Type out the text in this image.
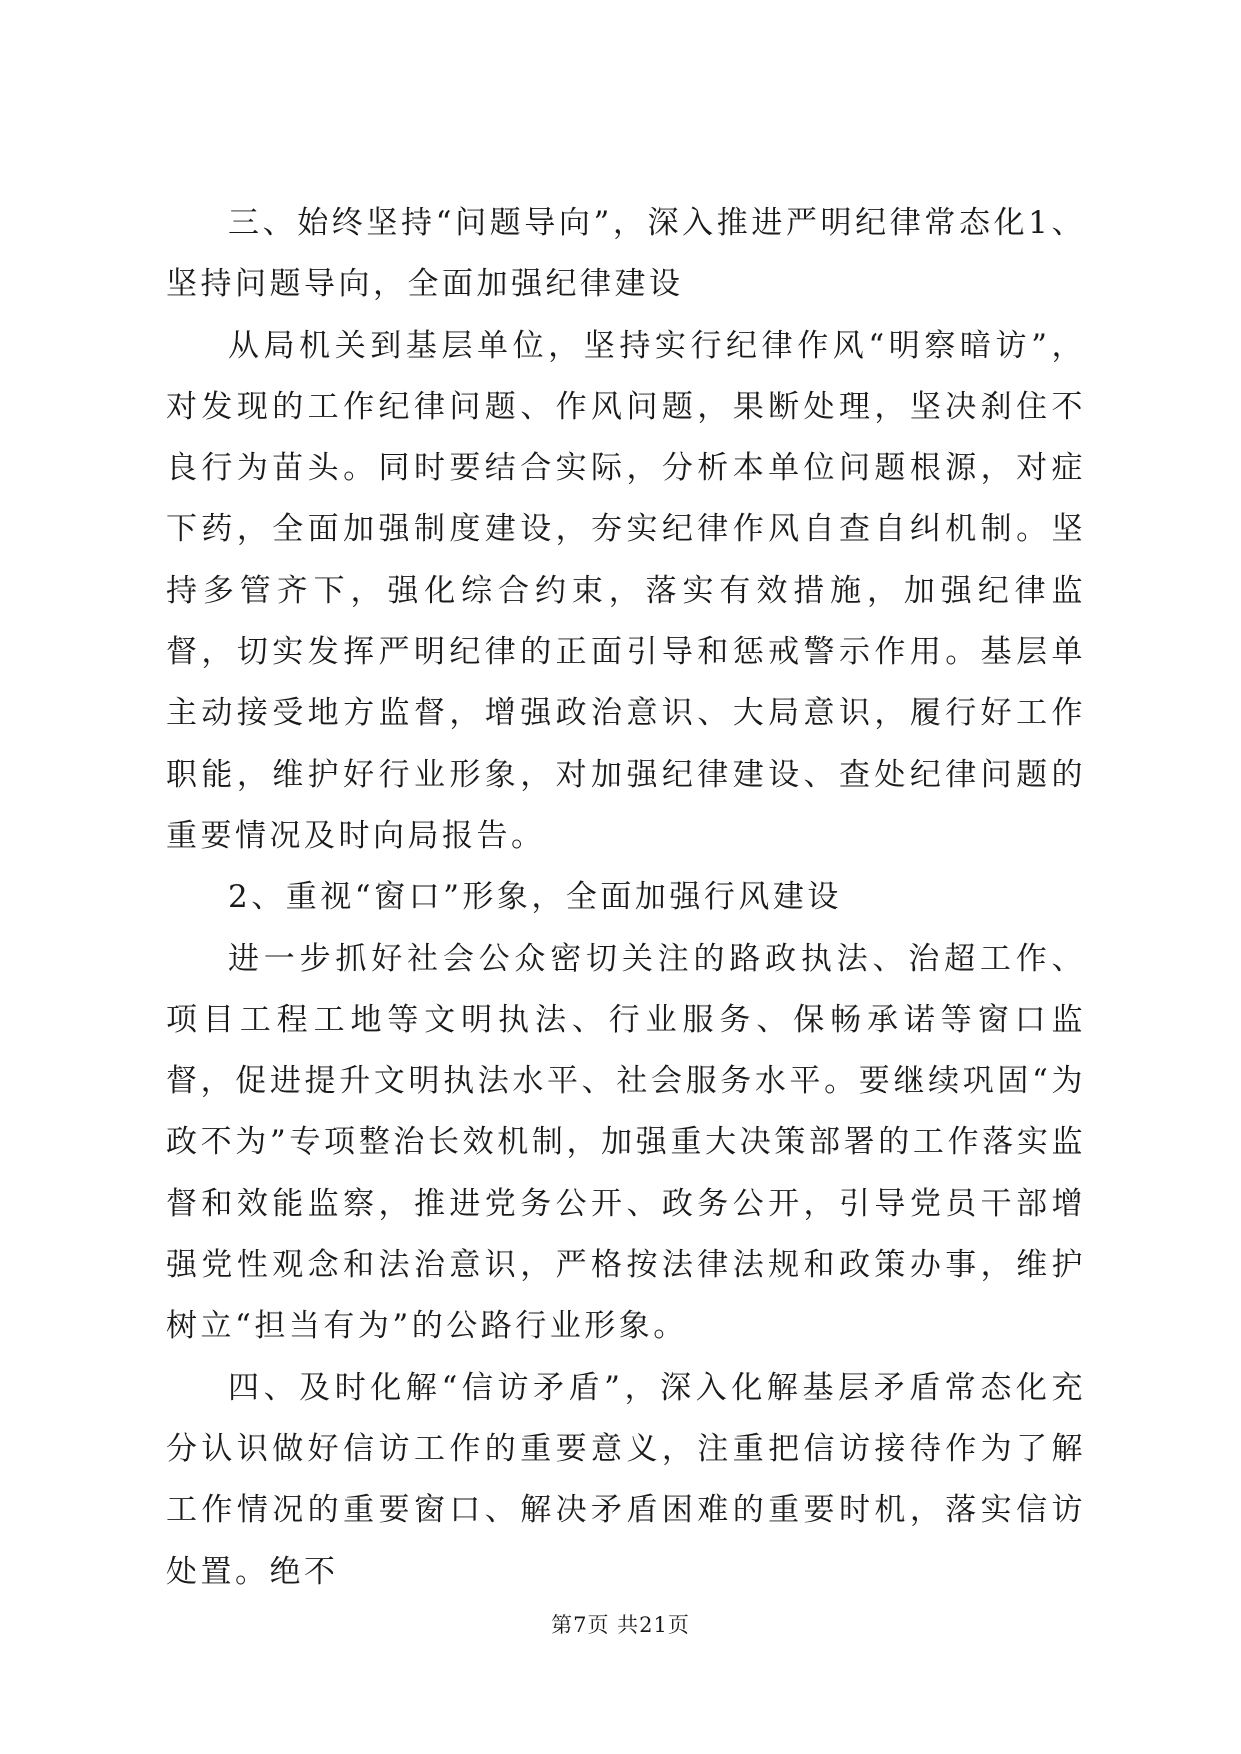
三、始终坚持“问题导向”，深入推进严明纪律常态化1、坚持问题导向，全面加强纪律建设

从局机关到基层单位，坚持实行纪律作风“明察暗访”，对发现的工作纪律问题、作风问题，果断处理，坚决刹住不良行为苗头。同时要结合实际，分析本单位问题根源，对症下药，全面加强制度建设，夯实纪律作风自查自纠机制。坚持多管齐下，强化综合约束，落实有效措施，加强纪律监督，切实发挥严明纪律的正面引导和惩戒警示作用。基层单主动接受地方监督，增强政治意识、大局意识，履行好工作职能，维护好行业形象，对加强纪律建设、查处纪律问题的重要情况及时向局报告。

2、重视“窗口”形象，全面加强行风建设

进一步抓好社会公众密切关注的路政执法、治超工作、项目工程工地等文明执法、行业服务、保畅承诺等窗口监督，促进提升文明执法水平、社会服务水平。要继续巩固“为政不为”专项整治长效机制，加强重大决策部署的工作落实监督和效能监察，推进党务公开、政务公开，引导党员干部增强党性观念和法治意识，严格按法律法规和政策办事，维护树立“担当有为”的公路行业形象。

四、及时化解“信访矛盾”，深入化解基层矛盾常态化充分认识做好信访工作的重要意义，注重把信访接待作为了解工作情况的重要窗口、解决矛盾困难的重要时机，落实信访处置。绝不

第7页 共21页
